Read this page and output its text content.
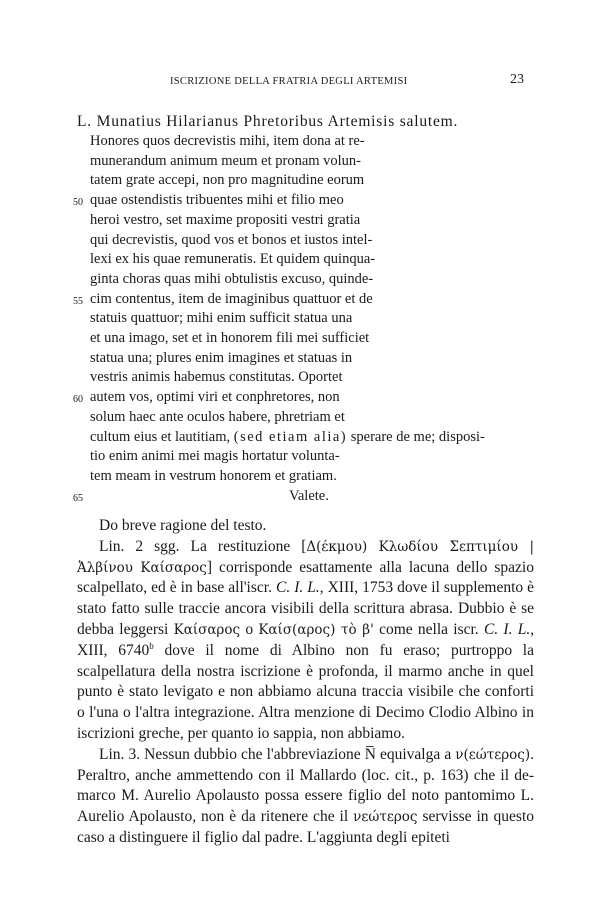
ISCRIZIONE DELLA FRATRIA DEGLI ARTEMISI	23
L. Munatius Hilarianus Phretoribus Artemisis salutem.
Honores quos decrevistis mihi, item dona at re-
munerandum animum meum et pronam volun-
tatem grate accepi, non pro magnitudine eorum
50 quae ostendistis tribuentes mihi et filio meo
heroi vestro, set maxime propositi vestri gratia
qui decrevistis, quod vos et bonos et iustos intel-
lexi ex his quae remuneratis. Et quidem quinqua-
ginta choras quas mihi obtulistis excuso, quinde-
55 cim contentus, item de imaginibus quattuor et de
statuis quattuor; mihi enim sufficit statua una
et una imago, set et in honorem fili mei sufficiet
statua una; plures enim imagines et statuas in
vestris animis habemus constitutas. Oportet
60 autem vos, optimi viri et conphretores, non
solum haec ante oculos habere, phretriam et
cultum eius et lautitiam, (sed etiam alia) sperare de me; disposi-
tio enim animi mei magis hortatur volunta-
tem meam in vestrum honorem et gratiam.
65	Valete.

Do breve ragione del testo.

Lin. 2 sgg. La restituzione [Δ(έκμου) Κλωδίου Σεπτιμίου | Ἀλβίνου Καίσαρος] corrisponde esattamente alla lacuna dello spazio scalpellato, ed è in base all'iscr. C. I. L., XIII, 1753 dove il supplemento è stato fatto sulle traccie ancora visibili della scrittura abrasa. Dubbio è se debba leggersi Καίσαρος o Καίσ(αρος) τὸ β' come nella iscr. C. I. L., XIII, 6740$^b$ dove il nome di Albino non fu eraso; purtroppo la scalpellatura della nostra iscrizione è profonda, il marmo anche in quel punto è stato levigato e non abbiamo alcuna traccia visibile che conforti o l'una o l'altra integrazione. Altra menzione di Decimo Clodio Albino in iscrizioni greche, per quanto io sappia, non abbiamo.

Lin. 3. Nessun dubbio che l'abbreviazione N̅ equivalga a ν(εώτερος). Peraltro, anche ammettendo con il Mallardo (loc. cit., p. 163) che il de- marco M. Aurelio Apolausto possa essere figlio del noto pantomimo L. Aurelio Apolausto, non è da ritenere che il νεώτερος servisse in questo caso a distinguere il figlio dal padre. L'aggiunta degli epiteti
